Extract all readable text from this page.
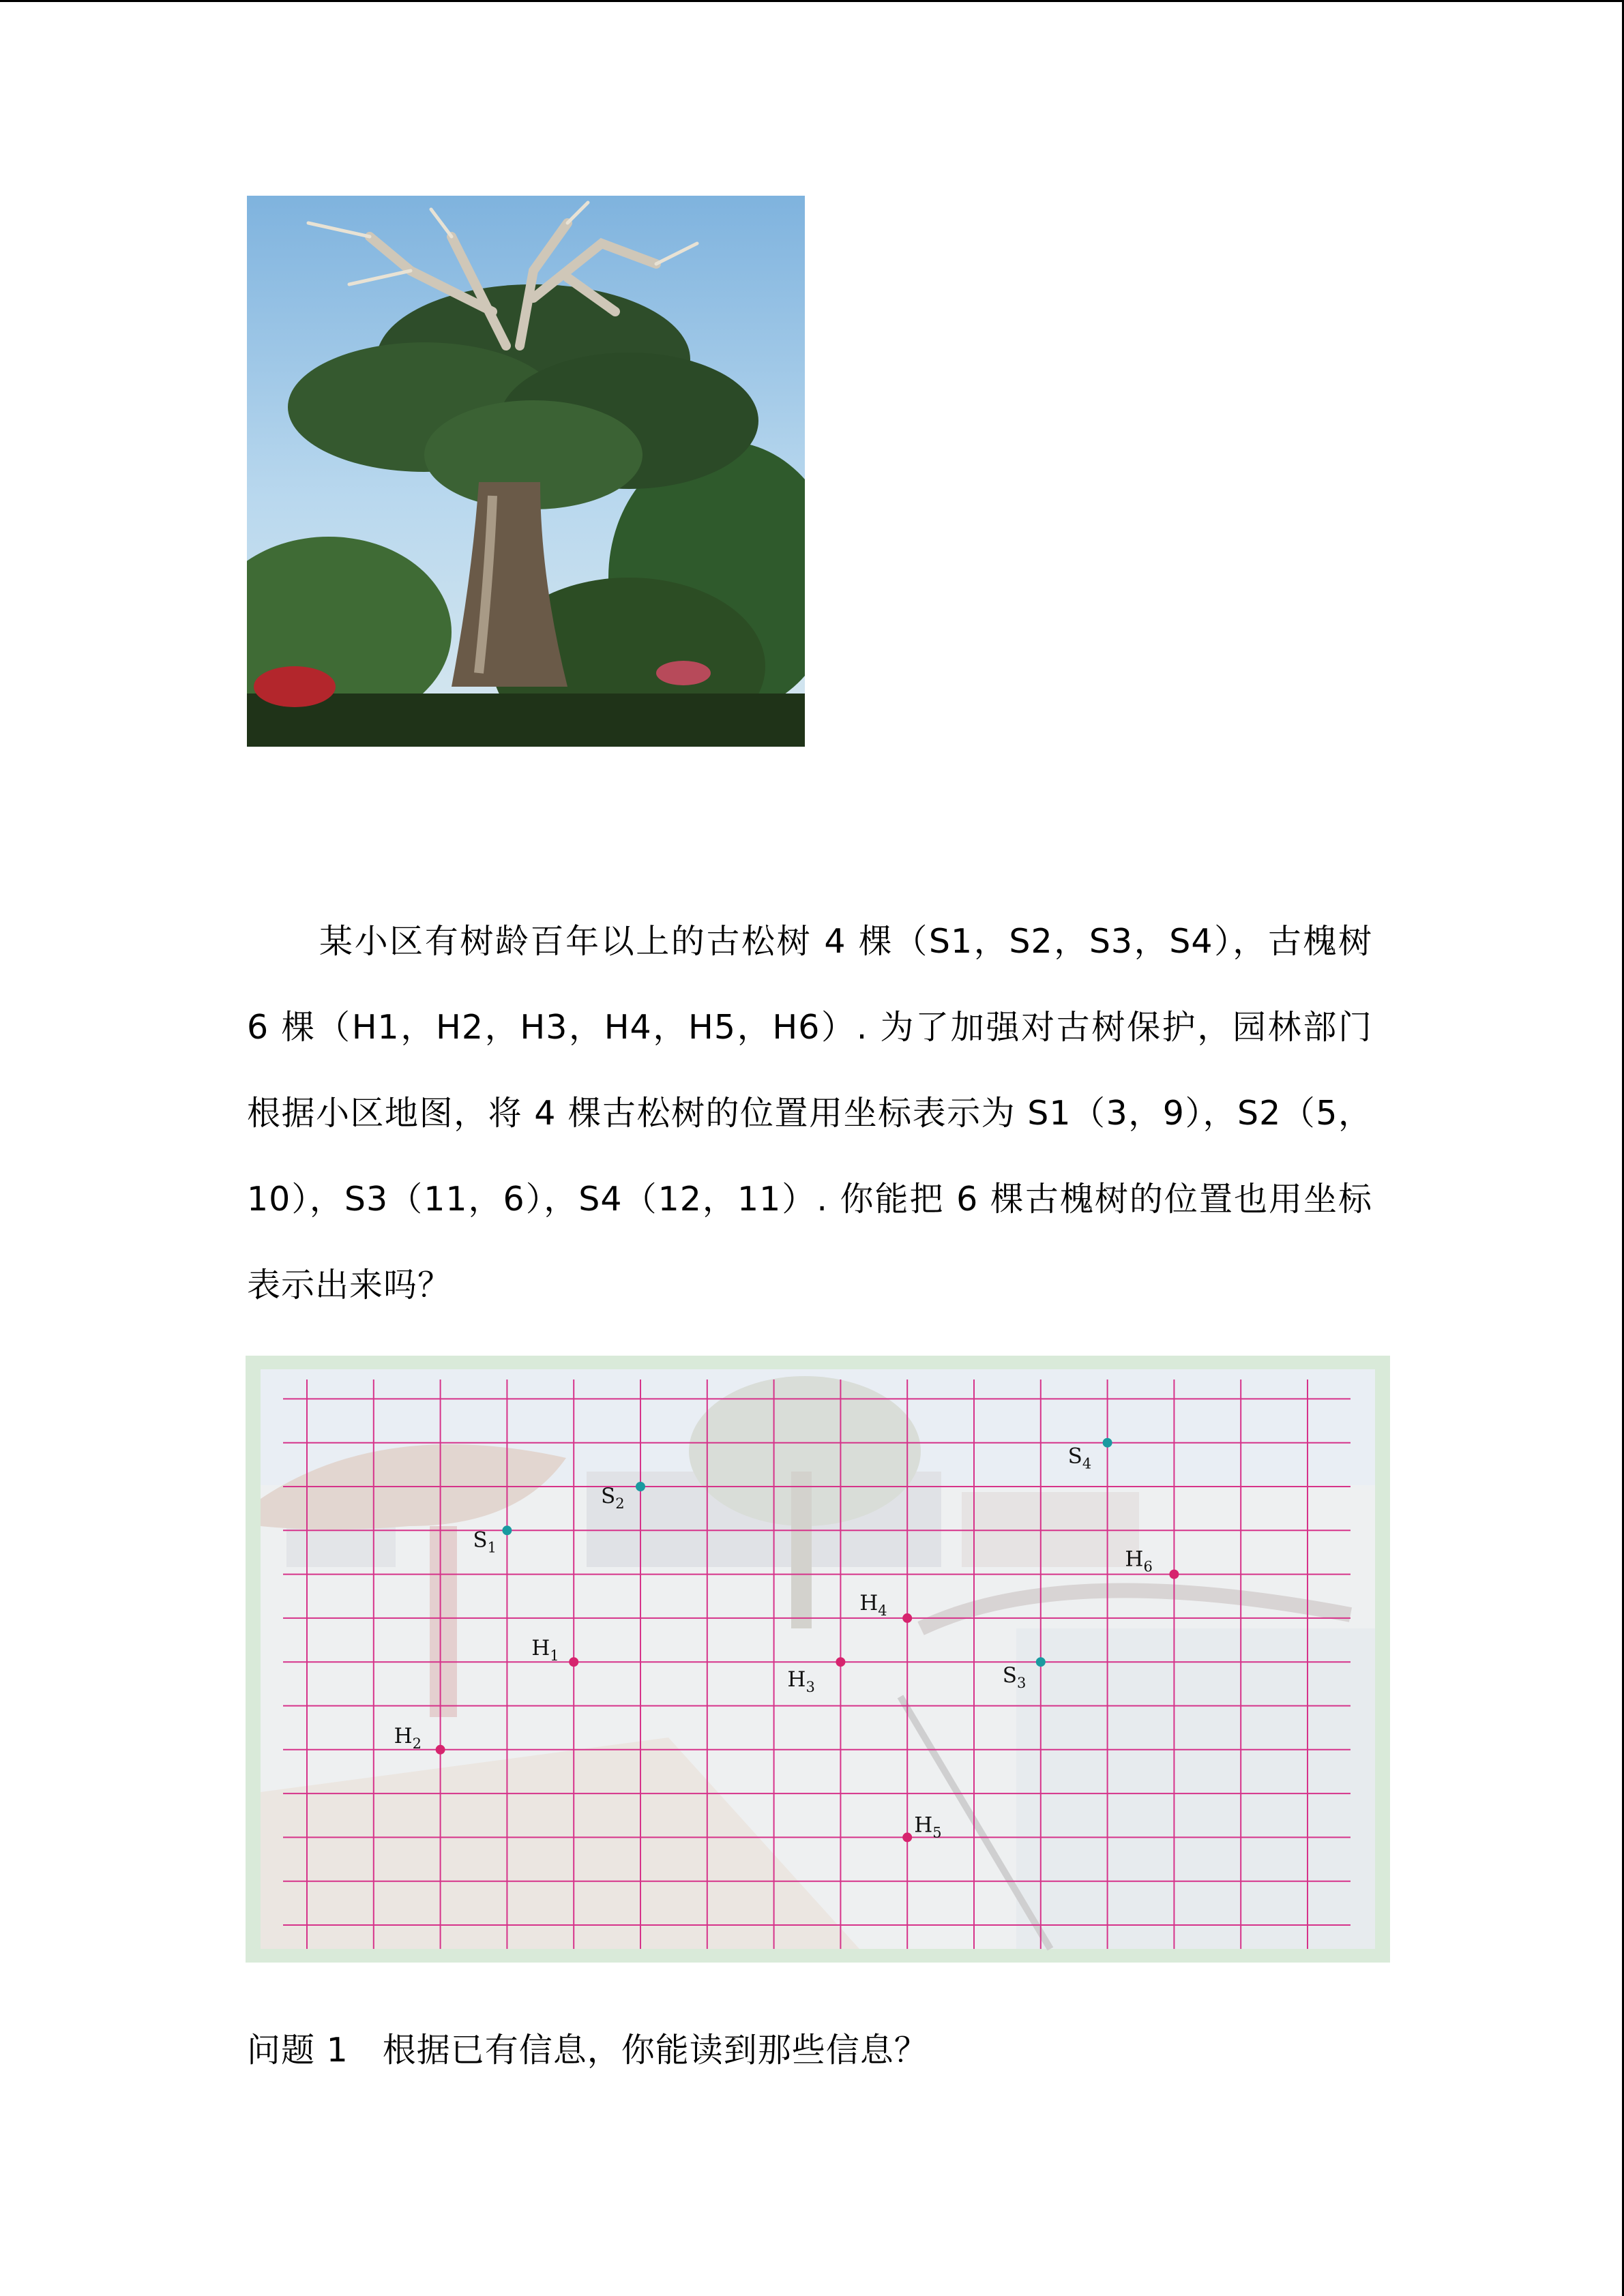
某小区有树龄百年以上的古松树 4 棵（S1，S2，S3，S4），古槐树 6 棵（H1，H2，H3，H4，H5，H6）. 为了加强对古树保护，园林部门根据小区地图，将 4 棵古松树的位置用坐标表示为 S1（3，9），S2（5，10），S3（11，6），S4（12，11）. 你能把 6 棵古槐树的位置也用坐标表示出来吗？

$S_1$
$S_2$
$S_3$
$S_4$
$H_1$
$H_2$
$H_3$
$H_4$
$H_5$
$H_6$
问题 1　根据已有信息，你能读到那些信息？
